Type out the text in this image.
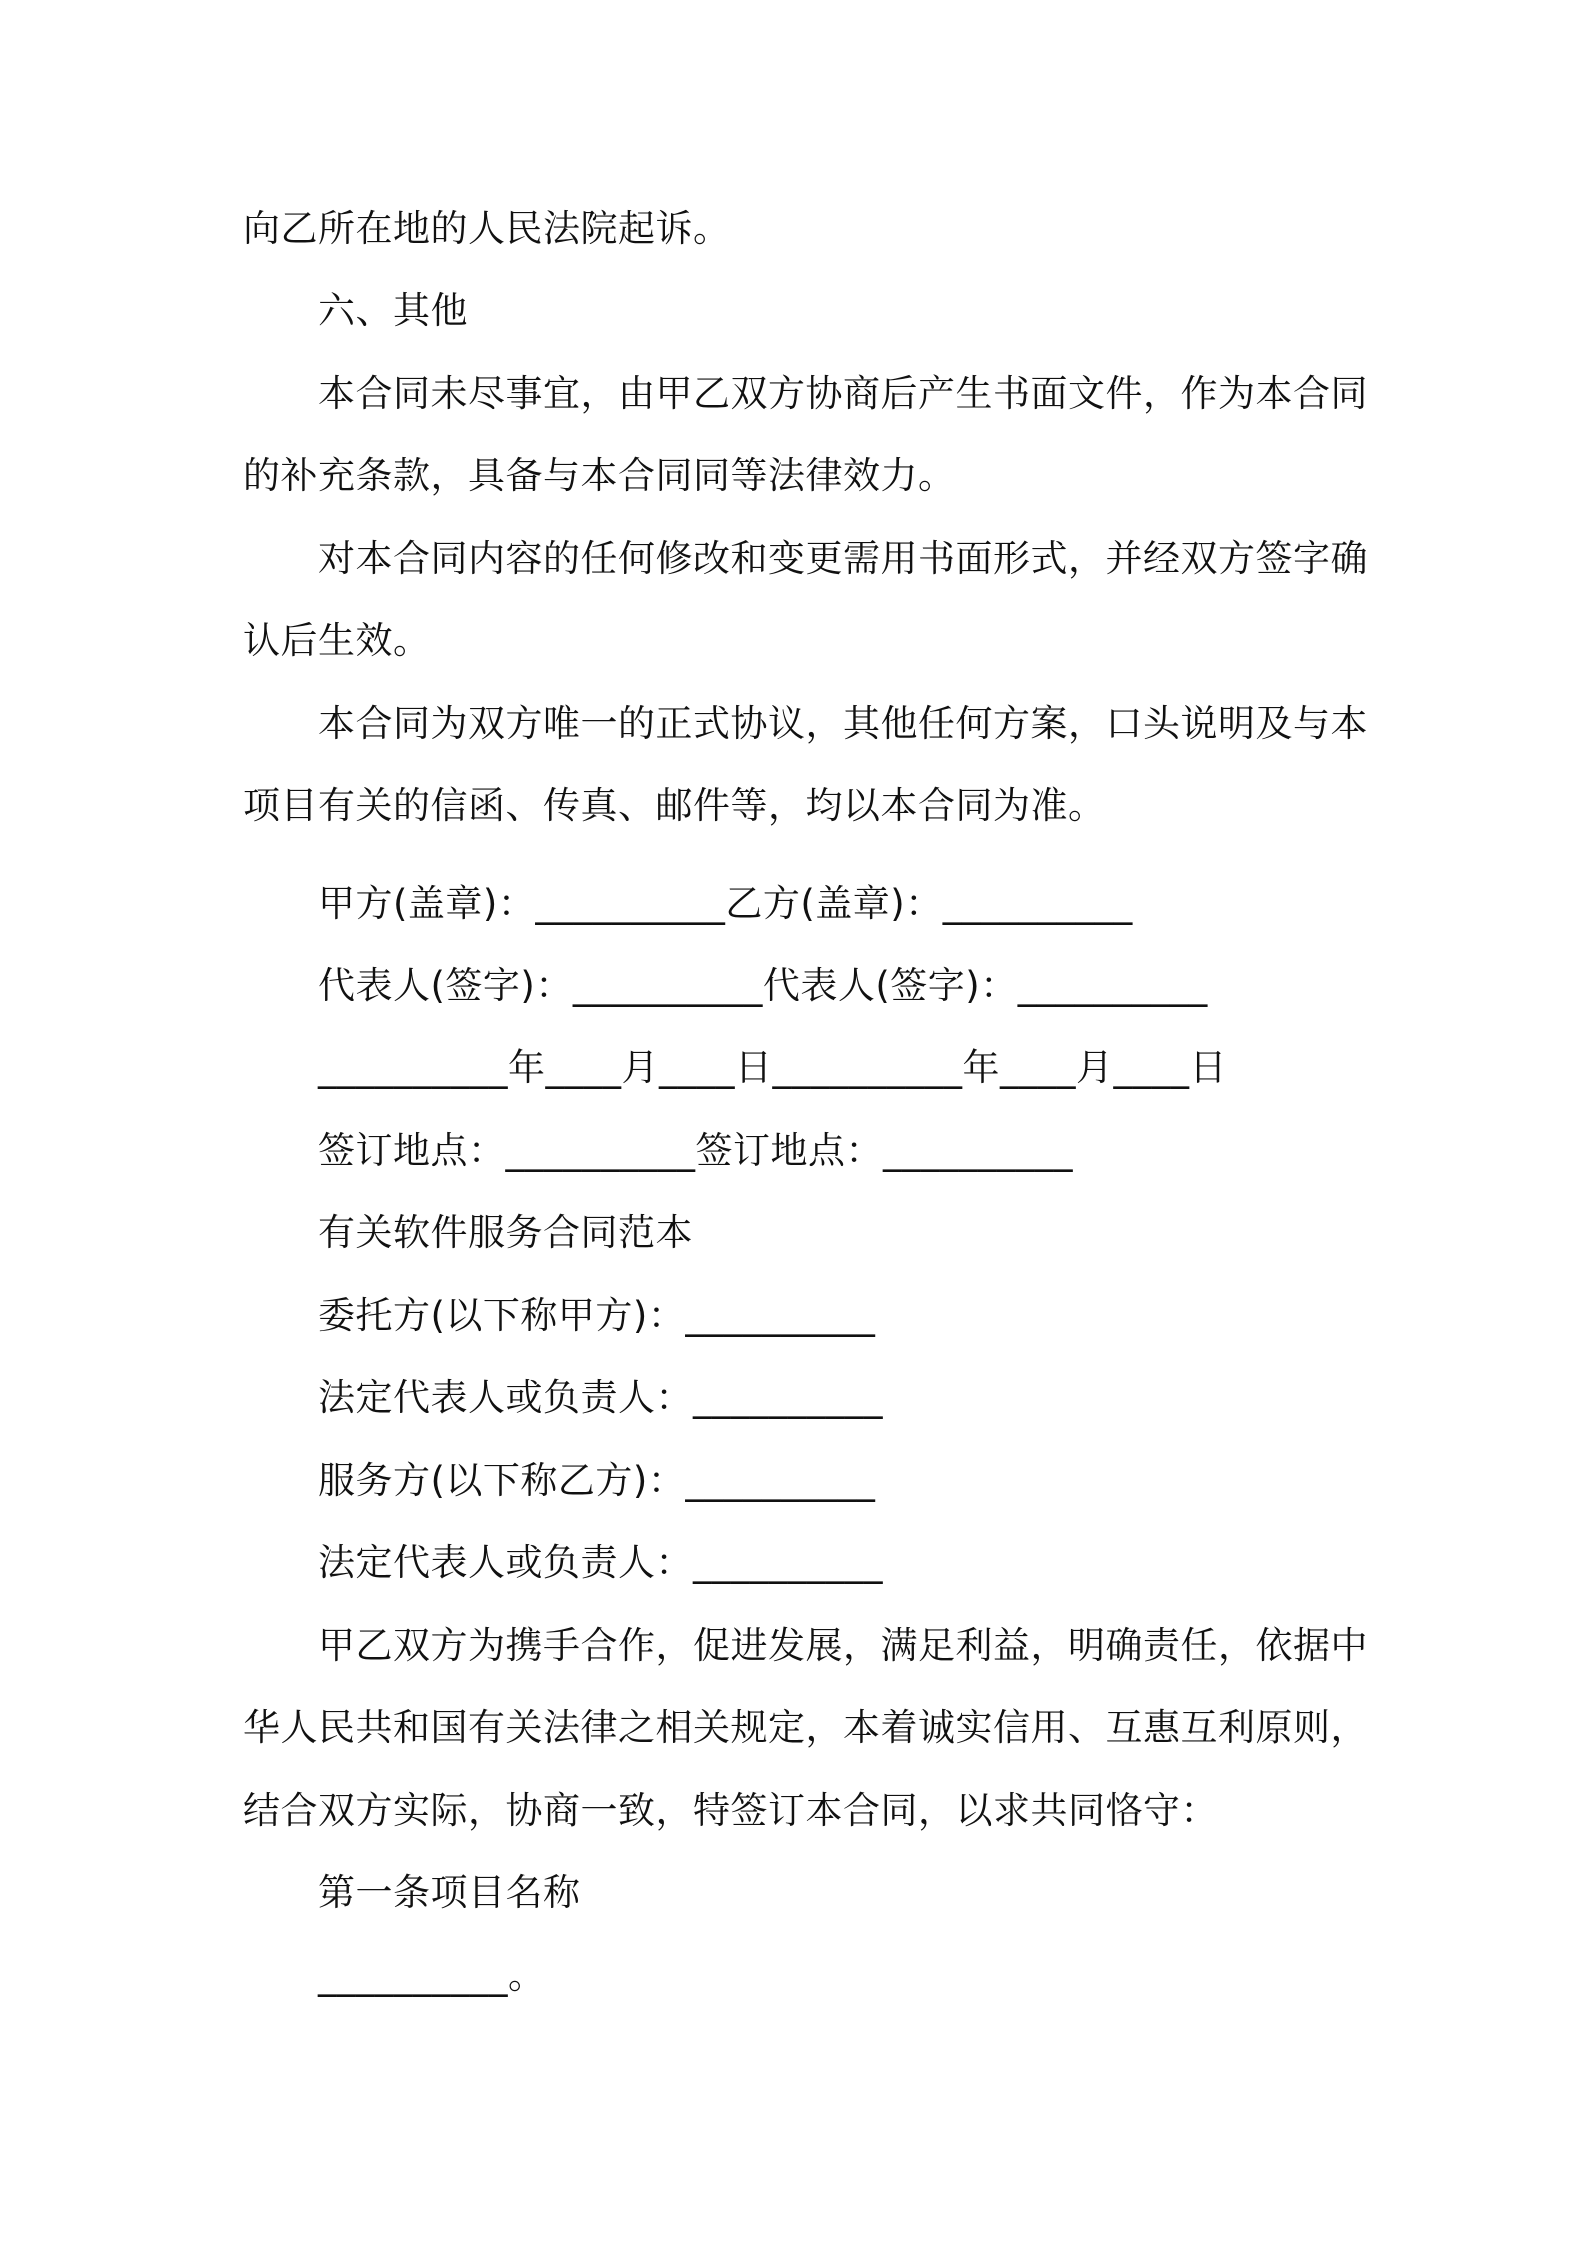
向乙所在地的人民法院起诉。
六、其他
本合同未尽事宜，由甲乙双方协商后产生书面文件，作为本合同
的补充条款，具备与本合同同等法律效力。
对本合同内容的任何修改和变更需用书面形式，并经双方签字确
认后生效。
本合同为双方唯一的正式协议，其他任何方案，口头说明及与本
项目有关的信函、传真、邮件等，均以本合同为准。
甲方(盖章)：__________乙方(盖章)：__________
代表人(签字)：__________代表人(签字)：__________
__________年____月____日__________年____月____日
签订地点：__________签订地点：__________
有关软件服务合同范本
委托方(以下称甲方)：__________
法定代表人或负责人：__________
服务方(以下称乙方)：__________
法定代表人或负责人：__________
甲乙双方为携手合作，促进发展，满足利益，明确责任，依据中
华人民共和国有关法律之相关规定，本着诚实信用、互惠互利原则，
结合双方实际，协商一致，特签订本合同，以求共同恪守：
第一条项目名称
__________。
